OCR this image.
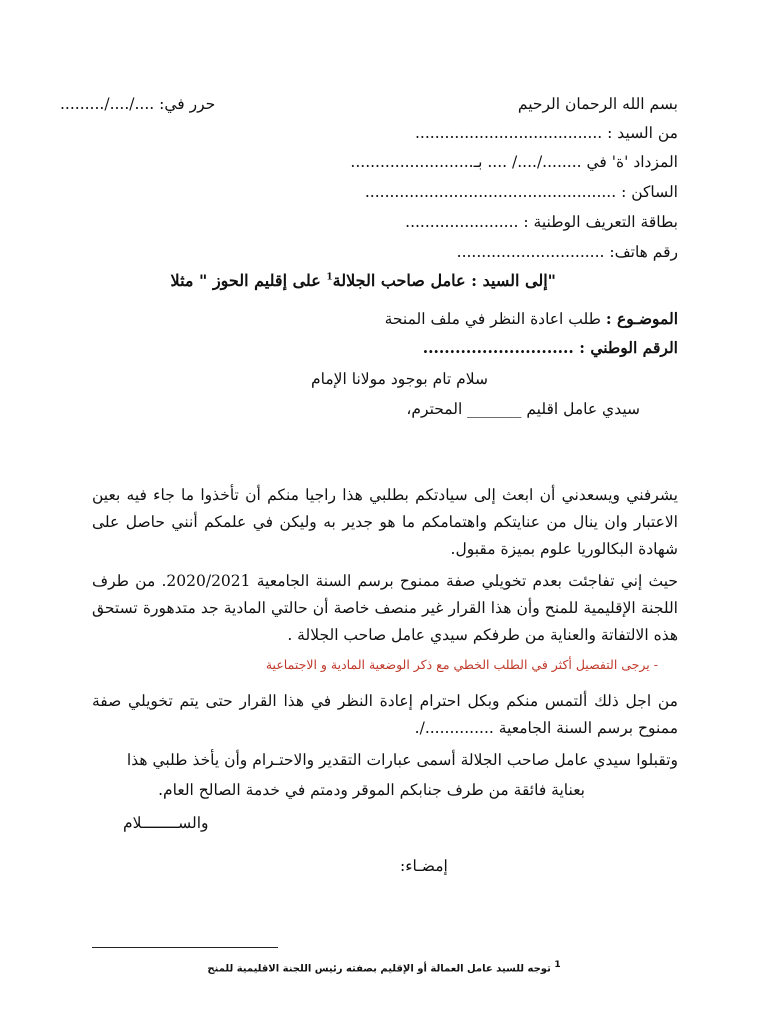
بسم الله الرحمان الرحيم
حرر في: ..../..../.........
من السيد : ......................................
المزداد 'ة' في ......../..../ .... بـ.........................
الساكن : ...................................................
بطاقة التعريف الوطنية : .......................
رقم هاتف: ..............................
"إلى السيد : عامل صاحب الجلالة$^1$ على إقليم الحوز " مثلا
الموضـوع : طلب اعادة النظر في ملف المنحة
الرقم الوطني : ............................
سلام تام بوجود مولانا الإمام
سيدي عامل اقليم _______ المحترم،

يشرفني ويسعدني أن ابعث إلى سيادتكم بطلبي هذا راجيا منكم أن تأخذوا ما جاء فيه بعين الاعتبار وان ينال من عنايتكم واهتمامكم ما هو جدير به وليكن في علمكم أنني حاصل على شهادة البكالوريا علوم بميزة مقبول.

حيث إني تفاجئت بعدم تخويلي صفة ممنوح برسم السنة الجامعية 2020/2021. من طرف اللجنة الإقليمية للمنح وأن هذا القرار غير منصف خاصة أن حالتي المادية جد متدهورة تستحق هذه الالتفاتة والعناية من طرفكم سيدي عامل صاحب الجلالة .

- يرجى التفصيل أكثر في الطلب الخطي مع ذكر الوضعية المادية و الاجتماعية

من اجل ذلك ألتمس منكم وبكل احترام إعادة النظر في هذا القرار حتى يتم تخويلي صفة ممنوح برسم السنة الجامعية ............../.

وتقبلوا سيدي عامل صاحب الجلالة أسمى عبارات التقدير والاحتـرام وأن يأخذ طلبي هذا
بعناية فائقة من طرف جنابكم الموقر ودمتم في خدمة الصالح العام.
والســــــــلام
إمضـاء:
$^1$ توجه للسيد عامل العمالة أو الإقليم بصفته رئيس اللجنة الاقليمية للمنح
